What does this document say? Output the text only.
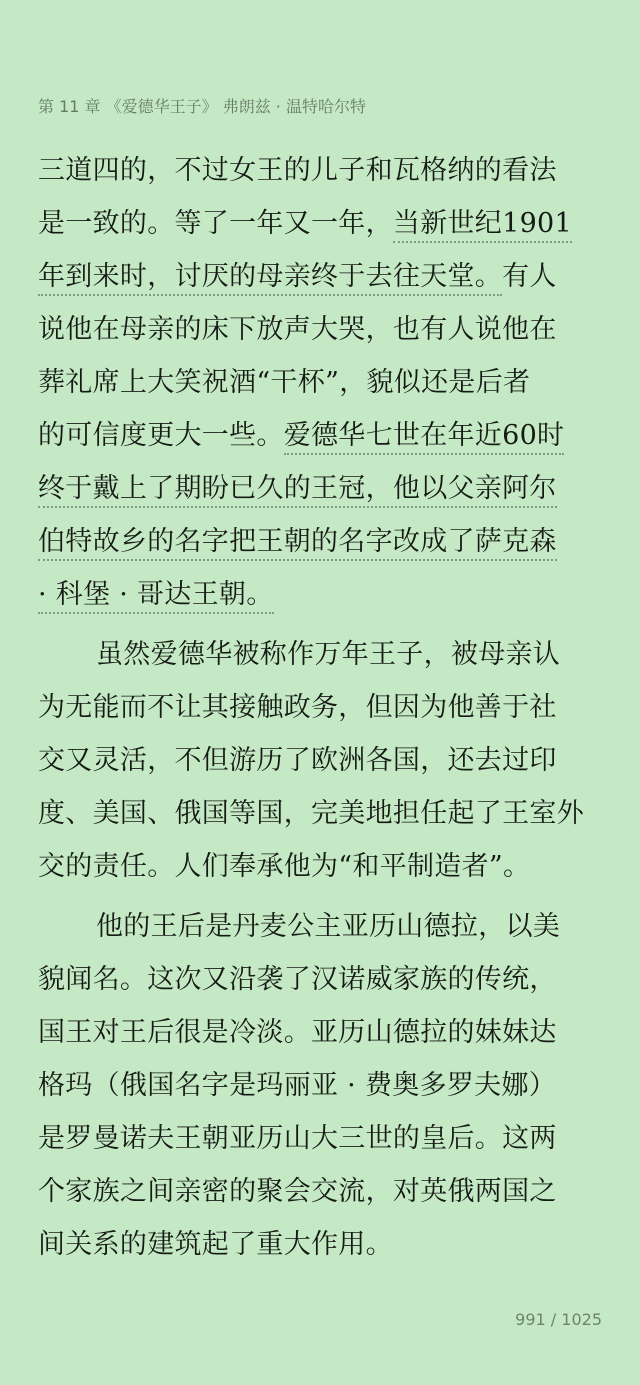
第 11 章 《爱德华王子》 弗朗兹 · 温特哈尔特
三道四的，不过女王的儿子和瓦格纳的看法
是一致的。等了一年又一年，当新世纪1901
年到来时，讨厌的母亲终于去往天堂。有人
说他在母亲的床下放声大哭，也有人说他在
葬礼席上大笑祝酒“干杯”，貌似还是后者
的可信度更大一些。爱德华七世在年近60时
终于戴上了期盼已久的王冠，他以父亲阿尔
伯特故乡的名字把王朝的名字改成了萨克森
· 科堡 · 哥达王朝。
虽然爱德华被称作万年王子，被母亲认
为无能而不让其接触政务，但因为他善于社
交又灵活，不但游历了欧洲各国，还去过印
度、美国、俄国等国，完美地担任起了王室外
交的责任。人们奉承他为“和平制造者”。
他的王后是丹麦公主亚历山德拉，以美
貌闻名。这次又沿袭了汉诺威家族的传统，
国王对王后很是冷淡。亚历山德拉的妹妹达
格玛（俄国名字是玛丽亚 · 费奥多罗夫娜）
是罗曼诺夫王朝亚历山大三世的皇后。这两
个家族之间亲密的聚会交流，对英俄两国之
间关系的建筑起了重大作用。
991 / 1025
